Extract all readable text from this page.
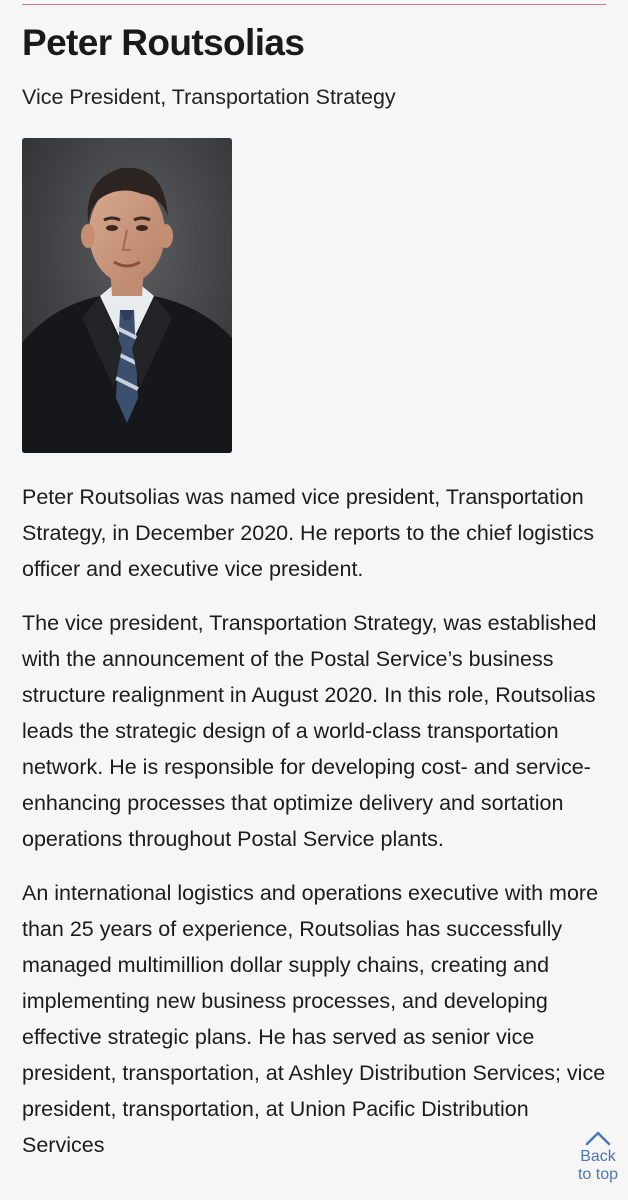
Peter Routsolias
Vice President, Transportation Strategy

Peter Routsolias was named vice president, Transportation Strategy, in December 2020. He reports to the chief logistics officer and executive vice president.

The vice president, Transportation Strategy, was established with the announcement of the Postal Service’s business structure realignment in August 2020. In this role, Routsolias leads the strategic design of a world-class transportation network. He is responsible for developing cost- and service-enhancing processes that optimize delivery and sortation operations throughout Postal Service plants.

An international logistics and operations executive with more than 25 years of experience, Routsolias has successfully managed multimillion dollar supply chains, creating and implementing new business processes, and developing effective strategic plans. He has served as senior vice president, transportation, at Ashley Distribution Services; vice president, transportation, at Union Pacific Distribution Services	Back
to top
